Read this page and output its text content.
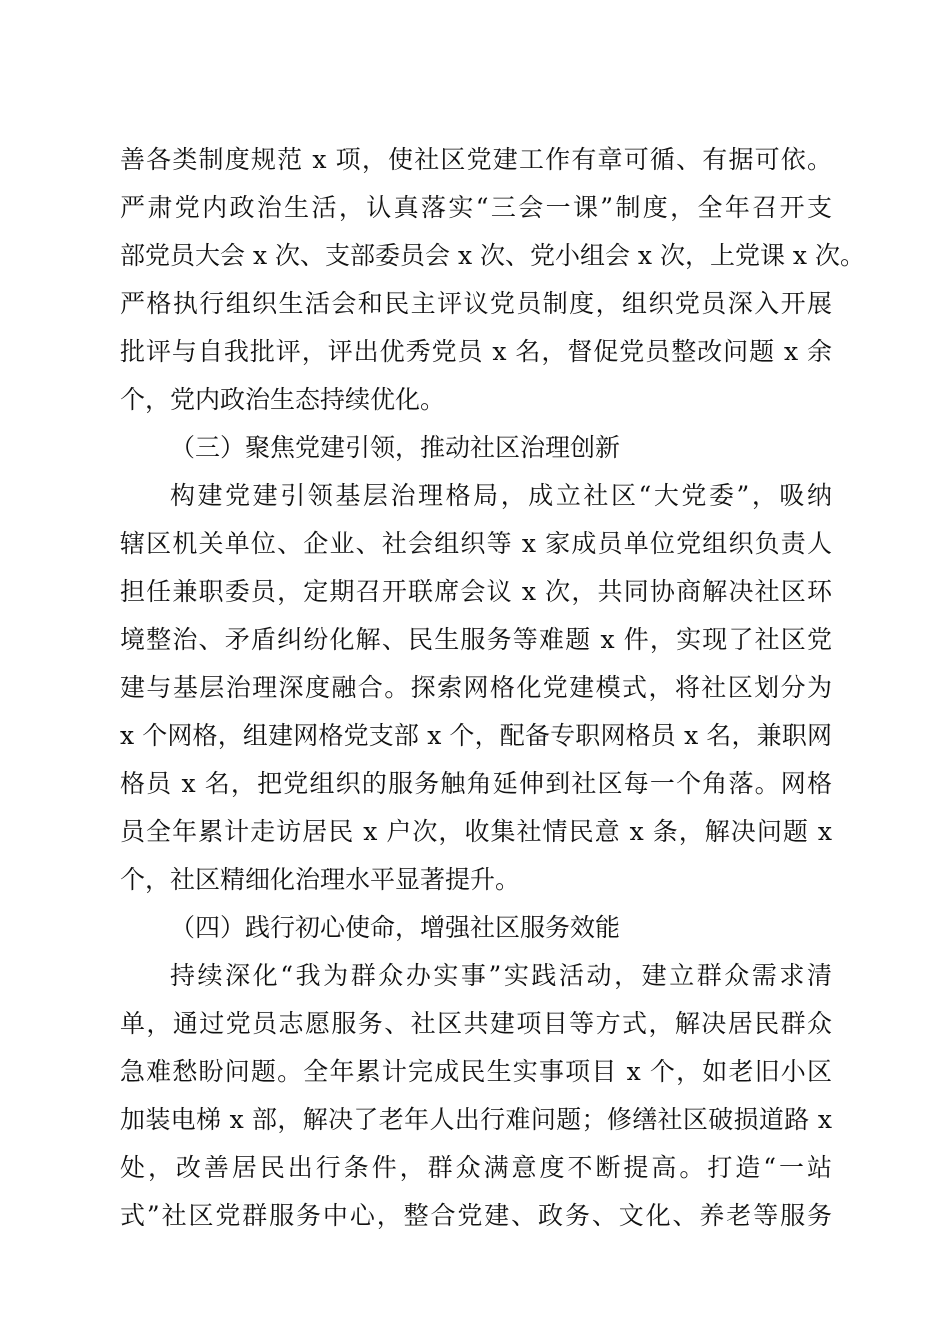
善各类制度规范 x 项，使社区党建工作有章可循、有据可依。
严肃党内政治生活，认真落实“三会一课”制度，全年召开支
部党员大会 x 次、支部委员会 x 次、党小组会 x 次，上党课 x 次。
严格执行组织生活会和民主评议党员制度，组织党员深入开展
批评与自我批评，评出优秀党员 x 名，督促党员整改问题 x 余
个，党内政治生态持续优化。
（三）聚焦党建引领，推动社区治理创新
构建党建引领基层治理格局，成立社区“大党委”，吸纳
辖区机关单位、企业、社会组织等 x 家成员单位党组织负责人
担任兼职委员，定期召开联席会议 x 次，共同协商解决社区环
境整治、矛盾纠纷化解、民生服务等难题 x 件，实现了社区党
建与基层治理深度融合。探索网格化党建模式，将社区划分为
x 个网格，组建网格党支部 x 个，配备专职网格员 x 名，兼职网
格员 x 名，把党组织的服务触角延伸到社区每一个角落。网格
员全年累计走访居民 x 户次，收集社情民意 x 条，解决问题 x
个，社区精细化治理水平显著提升。
（四）践行初心使命，增强社区服务效能
持续深化“我为群众办实事”实践活动，建立群众需求清
单，通过党员志愿服务、社区共建项目等方式，解决居民群众
急难愁盼问题。全年累计完成民生实事项目 x 个，如老旧小区
加装电梯 x 部，解决了老年人出行难问题；修缮社区破损道路 x
处，改善居民出行条件，群众满意度不断提高。打造“一站
式”社区党群服务中心，整合党建、政务、文化、养老等服务
